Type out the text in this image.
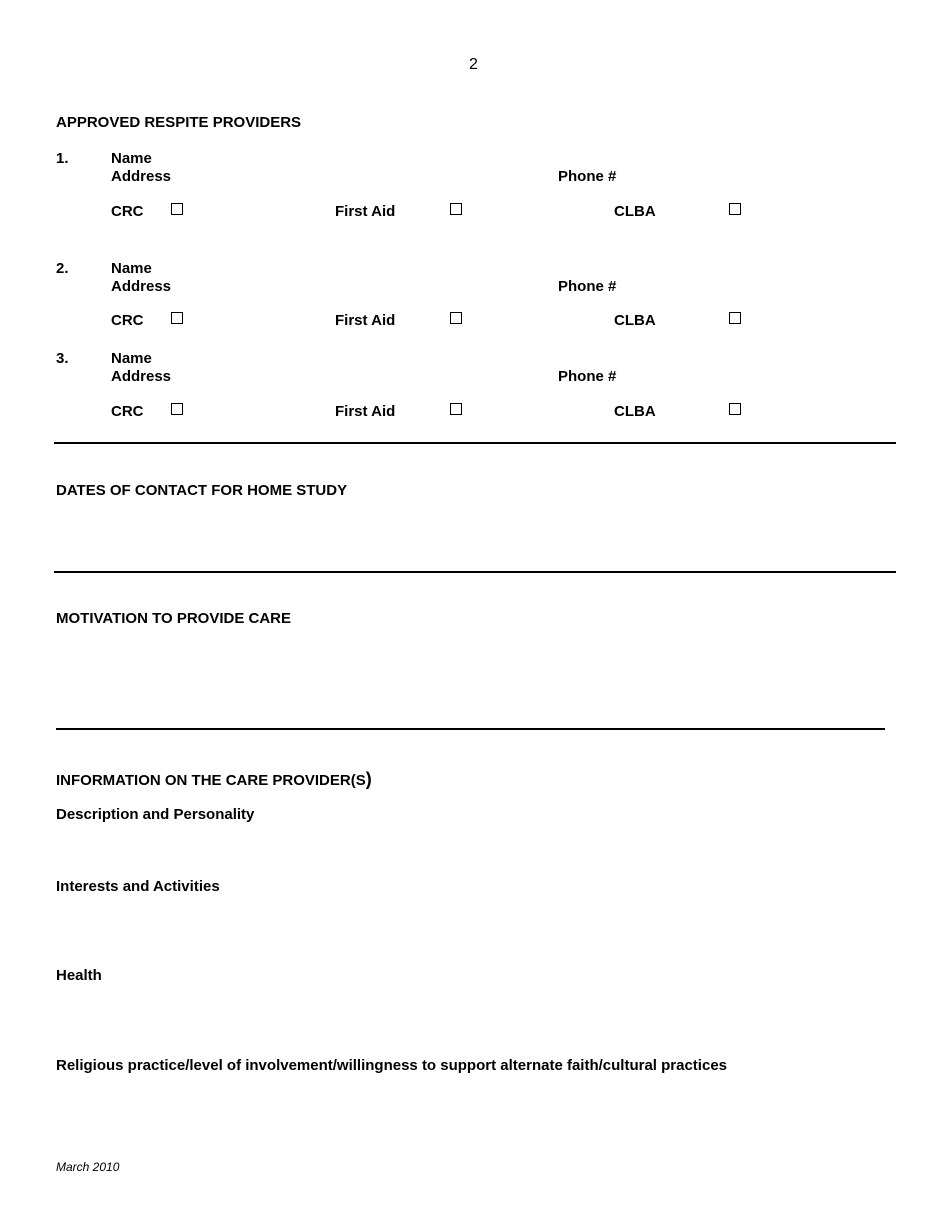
2
APPROVED RESPITE PROVIDERS
1.	Name
Address	Phone #
CRC	First Aid	CLBA
2.	Name
Address	Phone #
CRC	First Aid	CLBA
3.	Name
Address	Phone #
CRC	First Aid	CLBA
DATES OF CONTACT FOR HOME STUDY
MOTIVATION TO PROVIDE CARE
INFORMATION ON THE CARE PROVIDER(S)
Description and Personality
Interests and Activities
Health
Religious practice/level of involvement/willingness to support alternate faith/cultural practices
March 2010
